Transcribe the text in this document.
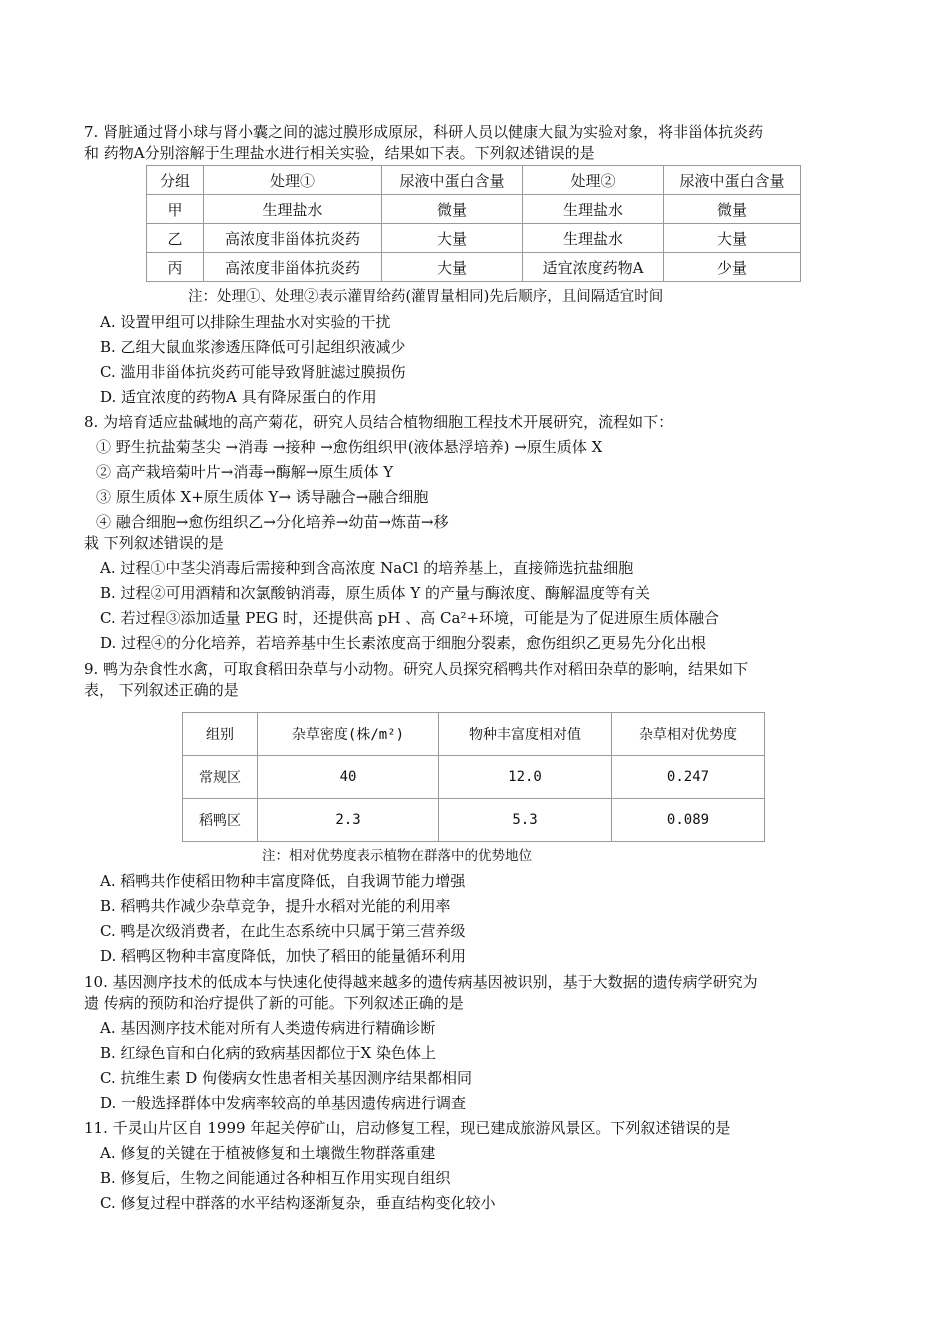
7. 肾脏通过肾小球与肾小囊之间的滤过膜形成原尿，科研人员以健康大鼠为实验对象，将非甾体抗炎药
和 药物A分别溶解于生理盐水进行相关实验，结果如下表。下列叙述错误的是
分组	处理①	尿液中蛋白含量	处理②	尿液中蛋白含量
甲	生理盐水	微量	生理盐水	微量
乙	高浓度非甾体抗炎药	大量	生理盐水	大量
丙	高浓度非甾体抗炎药	大量	适宜浓度药物A	少量
注：处理①、处理②表示灌胃给药(灌胃量相同)先后顺序，且间隔适宜时间
A. 设置甲组可以排除生理盐水对实验的干扰
B. 乙组大鼠血浆渗透压降低可引起组织液减少
C. 滥用非甾体抗炎药可能导致肾脏滤过膜损伤
D. 适宜浓度的药物A 具有降尿蛋白的作用
8. 为培育适应盐碱地的高产菊花，研究人员结合植物细胞工程技术开展研究，流程如下：
① 野生抗盐菊茎尖 →消毒 →接种 →愈伤组织甲(液体悬浮培养) →原生质体 X
② 高产栽培菊叶片→消毒→酶解→原生质体 Y
③ 原生质体 X+原生质体 Y→ 诱导融合→融合细胞
④ 融合细胞→愈伤组织乙→分化培养→幼苗→炼苗→移
栽 下列叙述错误的是
A. 过程①中茎尖消毒后需接种到含高浓度 NaCl 的培养基上，直接筛选抗盐细胞
B. 过程②可用酒精和次氯酸钠消毒，原生质体 Y 的产量与酶浓度、酶解温度等有关
C. 若过程③添加适量 PEG 时，还提供高 pH 、高 Ca²+环境，可能是为了促进原生质体融合
D. 过程④的分化培养，若培养基中生长素浓度高于细胞分裂素，愈伤组织乙更易先分化出根
9. 鸭为杂食性水禽，可取食稻田杂草与小动物。研究人员探究稻鸭共作对稻田杂草的影响，结果如下
表， 下列叙述正确的是
组别	杂草密度(株/m²)	物种丰富度相对值	杂草相对优势度
常规区	40	12.0	0.247
稻鸭区	2.3	5.3	0.089
注：相对优势度表示植物在群落中的优势地位
A. 稻鸭共作使稻田物种丰富度降低，自我调节能力增强
B. 稻鸭共作减少杂草竞争，提升水稻对光能的利用率
C. 鸭是次级消费者，在此生态系统中只属于第三营养级
D. 稻鸭区物种丰富度降低，加快了稻田的能量循环利用
10. 基因测序技术的低成本与快速化使得越来越多的遗传病基因被识别，基于大数据的遗传病学研究为
遗 传病的预防和治疗提供了新的可能。下列叙述正确的是
A. 基因测序技术能对所有人类遗传病进行精确诊断
B. 红绿色盲和白化病的致病基因都位于X 染色体上
C. 抗维生素 D 佝偻病女性患者相关基因测序结果都相同
D. 一般选择群体中发病率较高的单基因遗传病进行调查
11. 千灵山片区自 1999 年起关停矿山，启动修复工程，现已建成旅游风景区。下列叙述错误的是
A. 修复的关键在于植被修复和土壤微生物群落重建
B. 修复后，生物之间能通过各种相互作用实现自组织
C. 修复过程中群落的水平结构逐渐复杂，垂直结构变化较小
